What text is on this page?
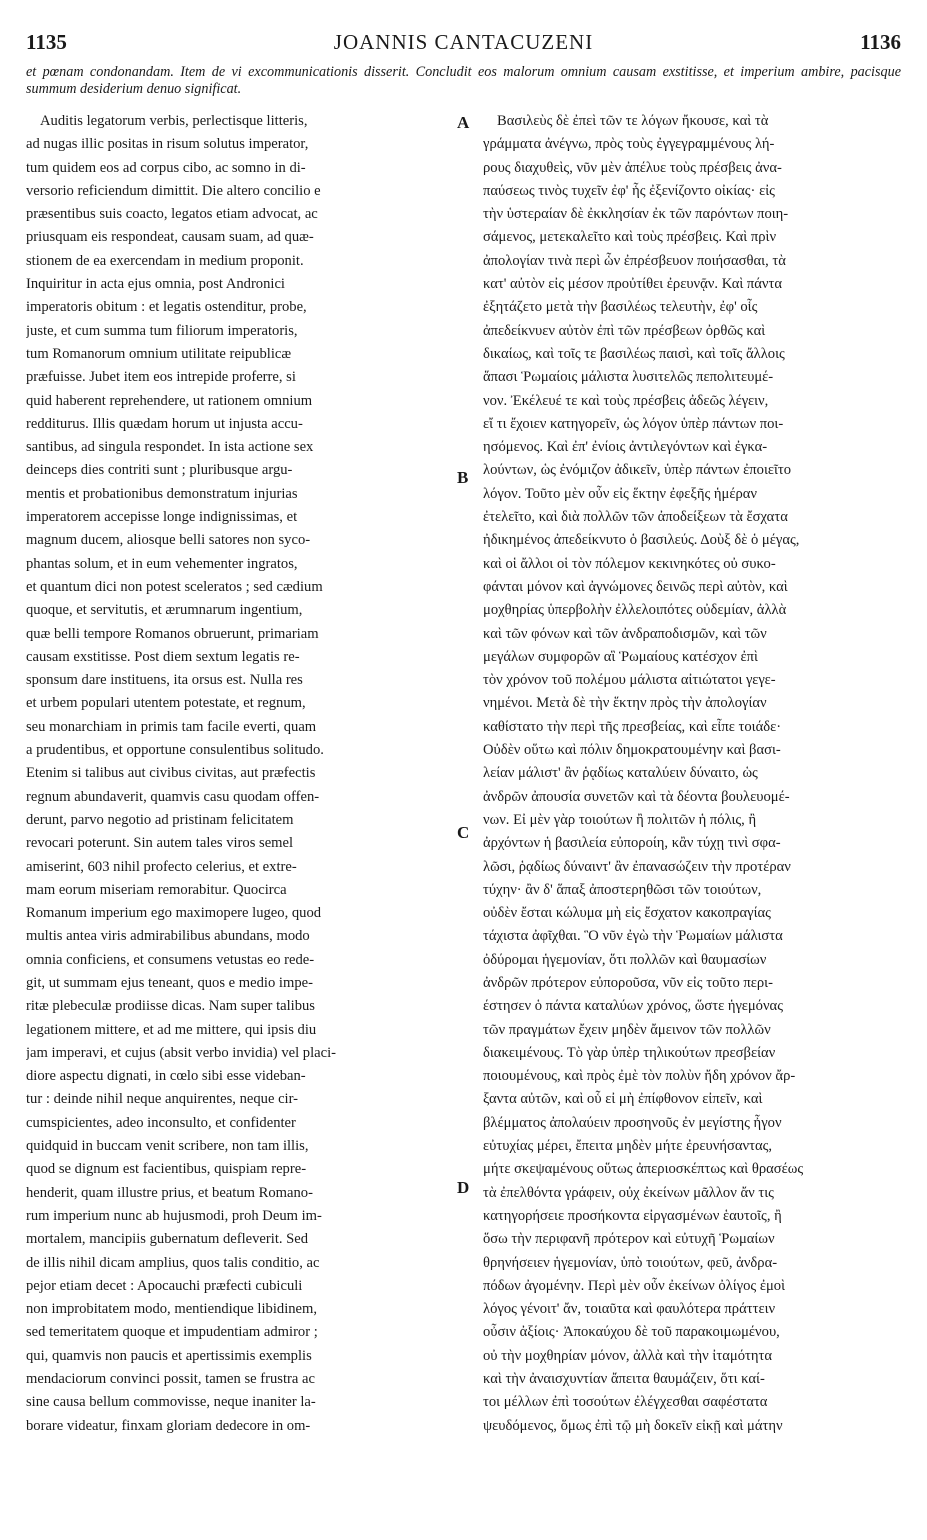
1135	JOANNIS CANTACUZENI	1136
et pœnam condonandam. Item de vi excommunicationis disserit. Concludit eos malorum omnium causam exstitisse, et imperium ambire, pacisque summum desiderium denuo significat.
Auditis legatorum verbis, perlectisque litteris,
ad nugas illic positas in risum solutus imperator,
tum quidem eos ad corpus cibo, ac somno in di-
versorio reficiendum dimittit. Die altero concilio e
præsentibus suis coacto, legatos etiam advocat, ac
priusquam eis respondeat, causam suam, ad quæ-
stionem de ea exercendam in medium proponit.
Inquiritur in acta ejus omnia, post Andronici
imperatoris obitum : et legatis ostenditur, probe,
juste, et cum summa tum filiorum imperatoris,
tum Romanorum omnium utilitate reipublicæ
præfuisse. Jubet item eos intrepide proferre, si
quid haberent reprehendere, ut rationem omnium
redditurus. Illis quædam horum ut injusta accu-
santibus, ad singula respondet. In ista actione sex
deinceps dies contriti sunt ; pluribusque argu-
mentis et probationibus demonstratum injurias
imperatorem accepisse longe indignissimas, et
magnum ducem, aliosque belli satores non syco-
phantas solum, et in eum vehementer ingratos,
et quantum dici non potest sceleratos ; sed cædium
quoque, et servitutis, et ærumnarum ingentium,
quæ belli tempore Romanos obruerunt, primariam
causam exstitisse. Post diem sextum legatis re-
sponsum dare instituens, ita orsus est. Nulla res
et urbem populari utentem potestate, et regnum,
seu monarchiam in primis tam facile everti, quam
a prudentibus, et opportune consulentibus solitudo.
Etenim si talibus aut civibus civitas, aut præfectis
regnum abundaverit, quamvis casu quodam offen-
derunt, parvo negotio ad pristinam felicitatem
revocari poterunt. Sin autem tales viros semel
amiserint, 603 nihil profecto celerius, et extre-
mam eorum miseriam remorabitur. Quocirca
Romanum imperium ego maximopere lugeo, quod
multis antea viris admirabilibus abundans, modo
omnia conficiens, et consumens vetustas eo rede-
git, ut summam ejus teneant, quos e medio impe-
ritæ plebeculæ prodiisse dicas. Nam super talibus
legationem mittere, et ad me mittere, qui ipsis diu
jam imperavi, et cujus (absit verbo invidia) vel placi-
diore aspectu dignati, in cœlo sibi esse videban-
tur : deinde nihil neque anquirentes, neque cir-
cumspicientes, adeo inconsulto, et confidenter
quidquid in buccam venit scribere, non tam illis,
quod se dignum est facientibus, quispiam repre-
henderit, quam illustre prius, et beatum Romano-
rum imperium nunc ab hujusmodi, proh Deum im-
mortalem, mancipiis gubernatum defleverit. Sed
de illis nihil dicam amplius, quos talis conditio, ac
pejor etiam decet : Apocauchi præfecti cubiculi
non improbitatem modo, mentiendique libidinem,
sed temeritatem quoque et impudentiam admiror ;
qui, quamvis non paucis et apertissimis exemplis
mendaciorum convinci possit, tamen se frustra ac
sine causa bellum commovisse, neque inaniter la-
borare videatur, finxam gloriam dedecore in om-
Βασιλεὺς δὲ ἐπεὶ τῶν τε λόγων ἤκουσε, καὶ τὰ
γράμματα ἀνέγνω, πρὸς τοὺς ἐγγεγραμμένους λή-
ρους διαχυθεὶς, νῦν μὲν ἀπέλυε τοὺς πρέσβεις ἀνα-
παύσεως τινὸς τυχεῖν ἐφ' ἧς ἐξενίζοντο οἰκίας· εἰς
τὴν ὑστεραίαν δὲ ἐκκλησίαν ἐκ τῶν παρόντων ποιη-
σάμενος, μετεκαλεῖτο καὶ τοὺς πρέσβεις. Καὶ πρὶν
ἀπολογίαν τινὰ περὶ ὧν ἐπρέσβευον ποιήσασθαι, τὰ
κατ' αὐτὸν εἰς μέσον προὐτίθει ἐρευνᾷν. Καὶ πάντα
ἐξητάζετο μετὰ τὴν βασιλέως τελευτὴν, ἐφ' οἷς
ἀπεδείκνυεν αὐτὸν ἐπὶ τῶν πρέσβεων ὀρθῶς καὶ
δικαίως, καὶ τοῖς τε βασιλέως παισὶ, καὶ τοῖς ἄλλοις
ἅπασι Ῥωμαίοις μάλιστα λυσιτελῶς πεπολιτευμέ-
νον. Ἐκέλευέ τε καὶ τοὺς πρέσβεις ἀδεῶς λέγειν,
εἴ τι ἔχοιεν κατηγορεῖν, ὡς λόγον ὑπὲρ πάντων ποι-
ησόμενος. Καὶ ἐπ' ἐνίοις ἀντιλεγόντων καὶ ἐγκα-
λούντων, ὡς ἐνόμιζον ἀδικεῖν, ὑπὲρ πάντων ἐποιεῖτο
λόγον. Τοῦτο μὲν οὖν εἰς ἕκτην ἐφεξῆς ἡμέραν
ἐτελεῖτο, καὶ διὰ πολλῶν τῶν ἀποδείξεων τὰ ἔσχατα
ἠδικημένος ἀπεδείκνυτο ὁ βασιλεύς. Δοὺξ δὲ ὁ μέγας,
καὶ οἱ ἄλλοι οἱ τὸν πόλεμον κεκινηκότες οὐ συκο-
φάνται μόνον καὶ ἀγνώμονες δεινῶς περὶ αὐτὸν, καὶ
μοχθηρίας ὑπερβολὴν ἐλλελοιπότες οὐδεμίαν, ἀλλὰ
καὶ τῶν φόνων καὶ τῶν ἀνδραποδισμῶν, καὶ τῶν
μεγάλων συμφορῶν αἳ Ῥωμαίους κατέσχον ἐπὶ
τὸν χρόνον τοῦ πολέμου μάλιστα αἰτιώτατοι γεγε-
νημένοι. Μετὰ δὲ τὴν ἕκτην πρὸς τὴν ἀπολογίαν
καθίστατο τὴν περὶ τῆς πρεσβείας, καὶ εἶπε τοιάδε·
Οὐδὲν οὕτω καὶ πόλιν δημοκρατουμένην καὶ βασι-
λείαν μάλιστ' ἂν ῥᾳδίως καταλύειν δύναιτο, ὡς
ἀνδρῶν ἀπουσία συνετῶν καὶ τὰ δέοντα βουλευομέ-
νων. Εἰ μὲν γὰρ τοιούτων ἢ πολιτῶν ἡ πόλις, ἢ
ἀρχόντων ἡ βασιλεία εὐποροίη, κἂν τύχῃ τινὶ σφα-
λῶσι, ῥᾳδίως δύναιντ' ἂν ἐπανασώζειν τὴν προτέραν
τύχην· ἂν δ' ἅπαξ ἀποστερηθῶσι τῶν τοιούτων,
οὐδὲν ἔσται κώλυμα μὴ εἰς ἔσχατον κακοπραγίας
τάχιστα ἀφῖχθαι. Ὃ νῦν ἐγὼ τὴν Ῥωμαίων μάλιστα
ὀδύρομαι ἡγεμονίαν, ὅτι πολλῶν καὶ θαυμασίων
ἀνδρῶν πρότερον εὐποροῦσα, νῦν εἰς τοῦτο περι-
έστησεν ὁ πάντα καταλύων χρόνος, ὥστε ἡγεμόνας
τῶν πραγμάτων ἔχειν μηδὲν ἄμεινον τῶν πολλῶν
διακειμένους. Τὸ γὰρ ὑπὲρ τηλικούτων πρεσβείαν
ποιουμένους, καὶ πρὸς ἐμὲ τὸν πολὺν ἤδη χρόνον ἄρ-
ξαντα αὐτῶν, καὶ οὗ εἰ μὴ ἐπίφθονον εἰπεῖν, καὶ
βλέμματος ἀπολαύειν προσηνοῦς ἐν μεγίστης ἦγον
εὐτυχίας μέρει, ἔπειτα μηδὲν μήτε ἐρευνήσαντας,
μήτε σκεψαμένους οὕτως ἀπεριοσκέπτως καὶ θρασέως
τὰ ἐπελθόντα γράφειν, οὐχ ἐκείνων μᾶλλον ἄν τις
κατηγορήσειε προσήκοντα εἰργασμένων ἑαυτοῖς, ἢ
ὅσω τὴν περιφανῆ πρότερον καὶ εὐτυχῆ Ῥωμαίων
θρηνήσειεν ἡγεμονίαν, ὑπὸ τοιούτων, φεῦ, ἀνδρα-
πόδων ἀγομένην. Περὶ μὲν οὖν ἐκείνων ὀλίγος ἐμοὶ
λόγος γένοιτ' ἄν, τοιαῦτα καὶ φαυλότερα πράττειν
οὖσιν ἀξίοις· Ἀποκαύχου δὲ τοῦ παρακοιμωμένου,
οὐ τὴν μοχθηρίαν μόνον, ἀλλὰ καὶ τὴν ἰταμότητα
καὶ τὴν ἀναισχυντίαν ἄπειτα θαυμάζειν, ὅτι καί-
τοι μέλλων ἐπὶ τοσούτων ἐλέγχεσθαι σαφέστατα
ψευδόμενος, ὅμως ἐπὶ τῷ μὴ δοκεῖν εἰκῇ καὶ μάτην
A
B
C
D
